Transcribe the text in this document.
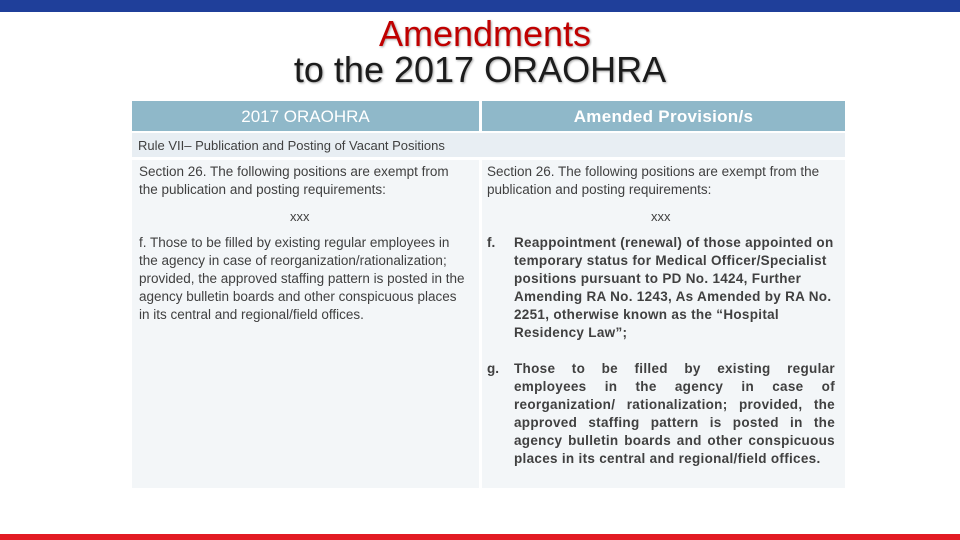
Amendments
to the 2017 ORAOHRA
2017 ORAOHRA	Amended Provision/s
Rule VII– Publication and Posting of Vacant Positions
Section 26. The following positions are exempt from the publication and posting requirements:
xxx
f. Those to be filled by existing regular employees in the agency in case of reorganization/rationalization; provided, the approved staffing pattern is posted in the agency bulletin boards and other conspicuous places in its central and regional/field offices.
Section 26. The following positions are exempt from the publication and posting requirements:
xxx
f. Reappointment (renewal) of those appointed on temporary status for Medical Officer/Specialist positions pursuant to PD No. 1424, Further Amending RA No. 1243, As Amended by RA No. 2251, otherwise known as the “Hospital Residency Law”;
g. Those to be filled by existing regular employees in the agency in case of reorganization/ rationalization; provided, the approved staffing pattern is posted in the agency bulletin boards and other conspicuous places in its central and regional/field offices.
